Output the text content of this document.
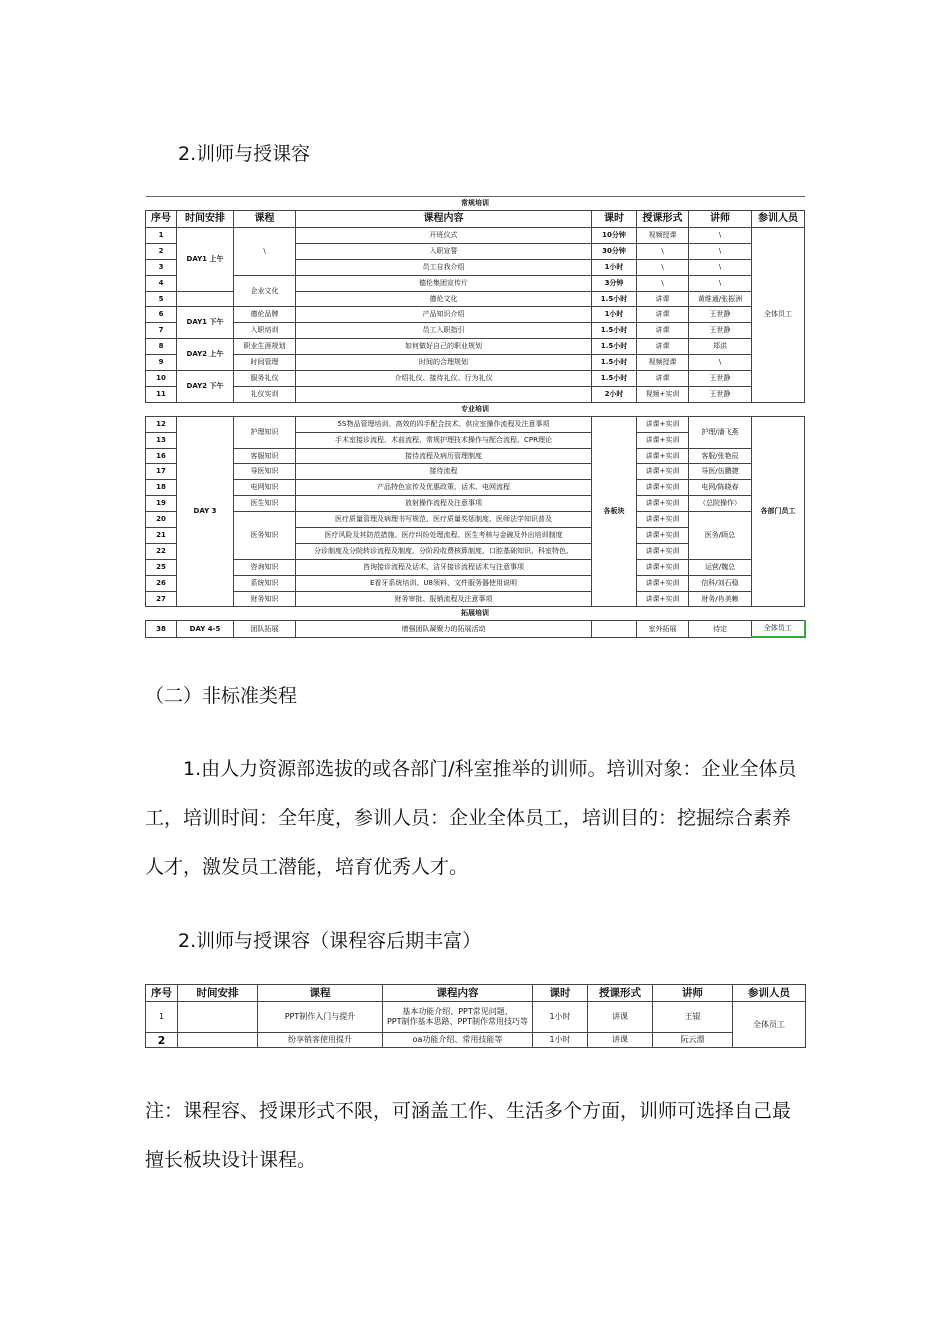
2.训师与授课容
常规培训							
序号	时间安排	课程	课程内容	课时	授课形式	讲师	参训人员
1	DAY1 上午	\	开班仪式	10分钟	视频授课	\	全体员工
2			入职宣誓	30分钟	\	\	
3			员工自我介绍	1小时	\	\	
4		企业文化	德伦集团宣传片	3分钟	\	\	
5			德伦文化	1.5小时	讲课	黄维通/张振洲	
6	DAY1 下午	德伦品牌	产品知识介绍	1小时	讲课	王世静	
7		入职培训	员工入职指引	1.5小时	讲课	王世静	
8	DAY2 上午	职业生涯规划	如何做好自己的职业规划	1.5小时	讲课	郑洪	
9		时间管理	时间的合理规划	1.5小时	视频授课	\	
10	DAY2 下午	服务礼仪	介绍礼仪、接待礼仪、行为礼仪	1.5小时	讲课	王世静	
11		礼仪实训		2小时	视频+实训	王世静	
专业培训							
12	DAY 3	护理知识	5S物品管理培训、高效的四手配合技术、供应室操作流程及注意事项	各板块	讲课+实训	护理/潘飞燕	各部门员工
13			手术室接诊流程、术前流程、常规护理技术操作与配合流程、CPR理论		讲课+实训		
16		客服知识	接待流程及病历管理制度		讲课+实训	客服/张艳辰	
17		导医知识	接待流程		讲课+实训	导医/伍鹏捷	
18		电网知识	产品特色宣传及优惠政策、话术、电网流程		讲课+实训	电网/陈晓春	
19		医生知识	放射操作流程及注意事项		讲课+实训	（总院操作）	
20		医务知识	医疗质量管理及病理书写规范、医疗质量奖惩制度、医师法学知识普及		讲课+实训	医务/顾总	
21			医疗风险及其防范措施、医疗纠纷处理流程、医生考核与金碗及外出培训制度		讲课+实训		
22			分诊制度及分院转诊流程及制度、分阶段收费核算制度、口腔基础知识、科室特色、		讲课+实训		
25		咨询知识	咨询接诊流程及话术、洁牙接诊流程话术与注意事项		讲课+实训	运营/魏总	
26		系统知识	E看牙系统培训、U8领料、文件服务器使用说明		讲课+实训	信科/刘石稳	
27		财务知识	财务审批、报销流程及注意事项		讲课+实训	财务/肖美赖	
拓展培训							
38	DAY 4-5	团队拓展	增强团队凝聚力的拓展活动		室外拓展	待定	全体员工
（二）非标准类程
1.由人力资源部选拔的或各部门/科室推举的训师。培训对象：企业全体员
工，培训时间：全年度，参训人员：企业全体员工，培训目的：挖掘综合素养
人才，激发员工潜能，培育优秀人才。
2.训师与授课容（课程容后期丰富）
序号	时间安排	课程	课程内容	课时	授课形式	讲师	参训人员
1		PPT制作入门与提升	基本功能介绍、PPT常见问题、
PPT制作基本思路、PPT制作常用技巧等	1小时	讲课	王锟	全体员工
2		纷享销客使用提升	oa功能介绍、常用技能等	1小时	讲课	阮云漂	
注：课程容、授课形式不限，可涵盖工作、生活多个方面，训师可选择自己最
擅长板块设计课程。
